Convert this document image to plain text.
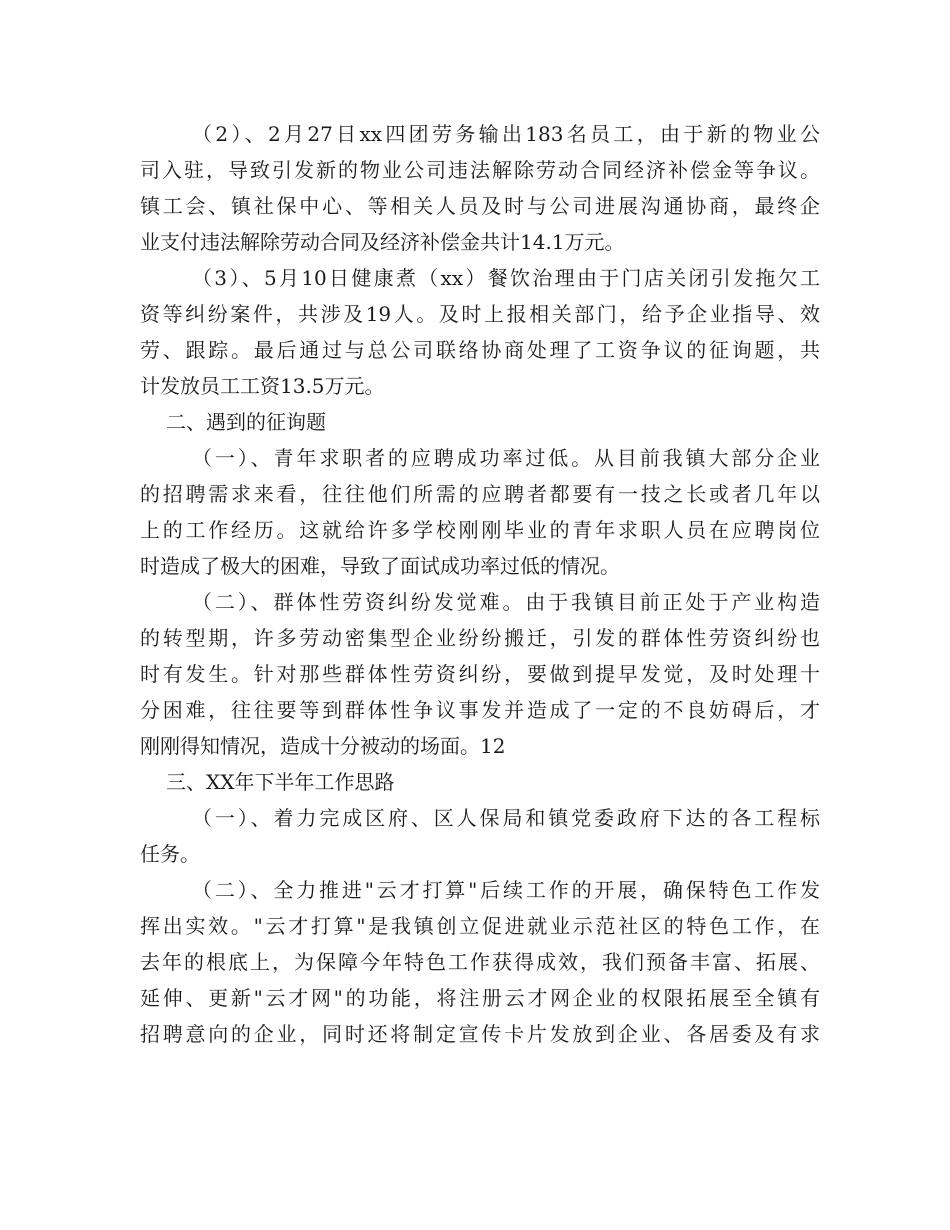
（2）、2月27日xx四团劳务输出183名员工，由于新的物业公
司入驻，导致引发新的物业公司违法解除劳动合同经济补偿金等争议。
镇工会、镇社保中心、等相关人员及时与公司进展沟通协商，最终企
业支付违法解除劳动合同及经济补偿金共计14.1万元。
（3）、5月10日健康煮（xx）餐饮治理由于门店关闭引发拖欠工
资等纠纷案件，共涉及19人。及时上报相关部门，给予企业指导、效
劳、跟踪。最后通过与总公司联络协商处理了工资争议的征询题，共
计发放员工工资13.5万元。
二、遇到的征询题
（一）、青年求职者的应聘成功率过低。从目前我镇大部分企业
的招聘需求来看，往往他们所需的应聘者都要有一技之长或者几年以
上的工作经历。这就给许多学校刚刚毕业的青年求职人员在应聘岗位
时造成了极大的困难，导致了面试成功率过低的情况。
（二）、群体性劳资纠纷发觉难。由于我镇目前正处于产业构造
的转型期，许多劳动密集型企业纷纷搬迁，引发的群体性劳资纠纷也
时有发生。针对那些群体性劳资纠纷，要做到提早发觉，及时处理十
分困难，往往要等到群体性争议事发并造成了一定的不良妨碍后，才
刚刚得知情况，造成十分被动的场面。12
三、XX年下半年工作思路
（一）、着力完成区府、区人保局和镇党委政府下达的各工程标
任务。
（二）、全力推进"云才打算"后续工作的开展，确保特色工作发
挥出实效。"云才打算"是我镇创立促进就业示范社区的特色工作，在
去年的根底上，为保障今年特色工作获得成效，我们预备丰富、拓展、
延伸、更新"云才网"的功能，将注册云才网企业的权限拓展至全镇有
招聘意向的企业，同时还将制定宣传卡片发放到企业、各居委及有求
